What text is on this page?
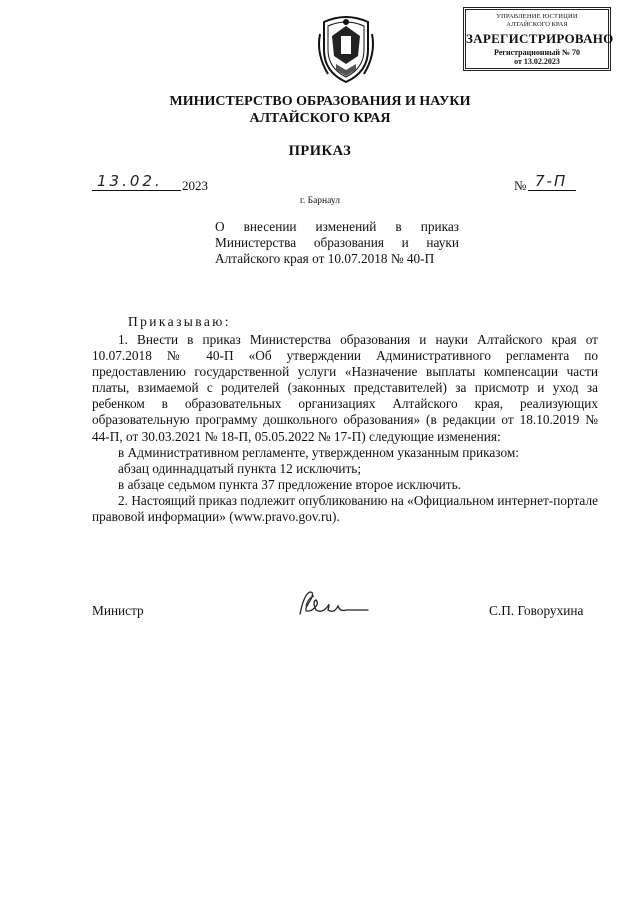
УПРАВЛЕНИЕ ЮСТИЦИИ
АЛТАЙСКОГО КРАЯ
ЗАРЕГИСТРИРОВАНО
Регистрационный № 70
от 13.02.2023
МИНИСТЕРСТВО ОБРАЗОВАНИЯ И НАУКИ
АЛТАЙСКОГО КРАЯ
ПРИКАЗ
13.02. 2023	№ 7-П
г. Барнаул
О внесении изменений в приказ Министерства образования и науки Алтайского края от 10.07.2018 № 40-П
Приказываю:

1. Внести в приказ Министерства образования и науки Алтайского края от 10.07.2018 № 40-П «Об утверждении Административного регламента по предоставлению государственной услуги «Назначение выплаты компенсации части платы, взимаемой с родителей (законных представителей) за присмотр и уход за ребенком в образовательных организациях Алтайского края, реализующих образовательную программу дошкольного образования» (в редакции от 18.10.2019 № 44-П, от 30.03.2021 № 18-П, 05.05.2022 № 17-П) следующие изменения:

в Административном регламенте, утвержденном указанным приказом:

абзац одиннадцатый пункта 12 исключить;

в абзаце седьмом пункта 37 предложение второе исключить.

2. Настоящий приказ подлежит опубликованию на «Официальном интернет-портале правовой информации» (www.pravo.gov.ru).

Министр	С.П. Говорухина
